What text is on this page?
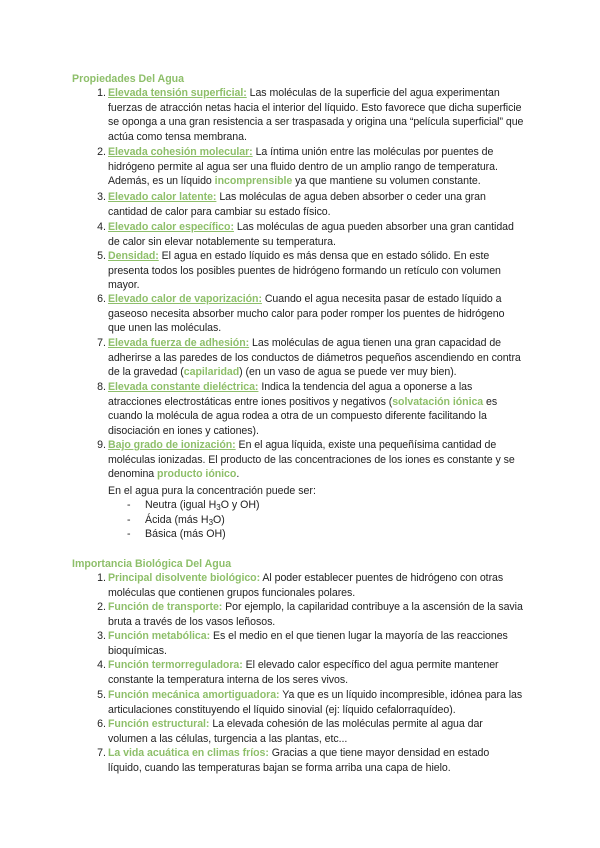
Propiedades Del Agua
1. Elevada tensión superficial: Las moléculas de la superficie del agua experimentan fuerzas de atracción netas hacia el interior del líquido. Esto favorece que dicha superficie se oponga a una gran resistencia a ser traspasada y origina una “película superficial” que actúa como tensa membrana.
2. Elevada cohesión molecular: La íntima unión entre las moléculas por puentes de hidrógeno permite al agua ser una fluido dentro de un amplio rango de temperatura. Además, es un líquido incomprensible ya que mantiene su volumen constante.
3. Elevado calor latente: Las moléculas de agua deben absorber o ceder una gran cantidad de calor para cambiar su estado físico.
4. Elevado calor específico: Las moléculas de agua pueden absorber una gran cantidad de calor sin elevar notablemente su temperatura.
5. Densidad: El agua en estado líquido es más densa que en estado sólido. En este presenta todos los posibles puentes de hidrógeno formando un retículo con volumen mayor.
6. Elevado calor de vaporización: Cuando el agua necesita pasar de estado líquido a gaseoso necesita absorber mucho calor para poder romper los puentes de hidrógeno que unen las moléculas.
7. Elevada fuerza de adhesión: Las moléculas de agua tienen una gran capacidad de adherirse a las paredes de los conductos de diámetros pequeños ascendiendo en contra de la gravedad (capilaridad) (en un vaso de agua se puede ver muy bien).
8. Elevada constante dieléctrica: Indica la tendencia del agua a oponerse a las atracciones electrostáticas entre iones positivos y negativos (solvatación iónica es cuando la molécula de agua rodea a otra de un compuesto diferente facilitando la disociación en iones y cationes).
9. Bajo grado de ionización: En el agua líquida, existe una pequeñísima cantidad de moléculas ionizadas. El producto de las concentraciones de los iones es constante y se denomina producto iónico.
En el agua pura la concentración puede ser:
- Neutra (igual $H_3O$ y OH)
- Ácida (más $H_3O$)
- Básica (más OH)
Importancia Biológica Del Agua
1. Principal disolvente biológico: Al poder establecer puentes de hidrógeno con otras moléculas que contienen grupos funcionales polares.
2. Función de transporte: Por ejemplo, la capilaridad contribuye a la ascensión de la savia bruta a través de los vasos leñosos.
3. Función metabólica: Es el medio en el que tienen lugar la mayoría de las reacciones bioquímicas.
4. Función termorreguladora: El elevado calor específico del agua permite mantener constante la temperatura interna de los seres vivos.
5. Función mecánica amortiguadora: Ya que es un líquido incompresible, idónea para las articulaciones constituyendo el líquido sinovial (ej: líquido cefalorraquídeo).
6. Función estructural: La elevada cohesión de las moléculas permite al agua dar volumen a las células, turgencia a las plantas, etc...
7. La vida acuática en climas fríos: Gracias a que tiene mayor densidad en estado líquido, cuando las temperaturas bajan se forma arriba una capa de hielo.
